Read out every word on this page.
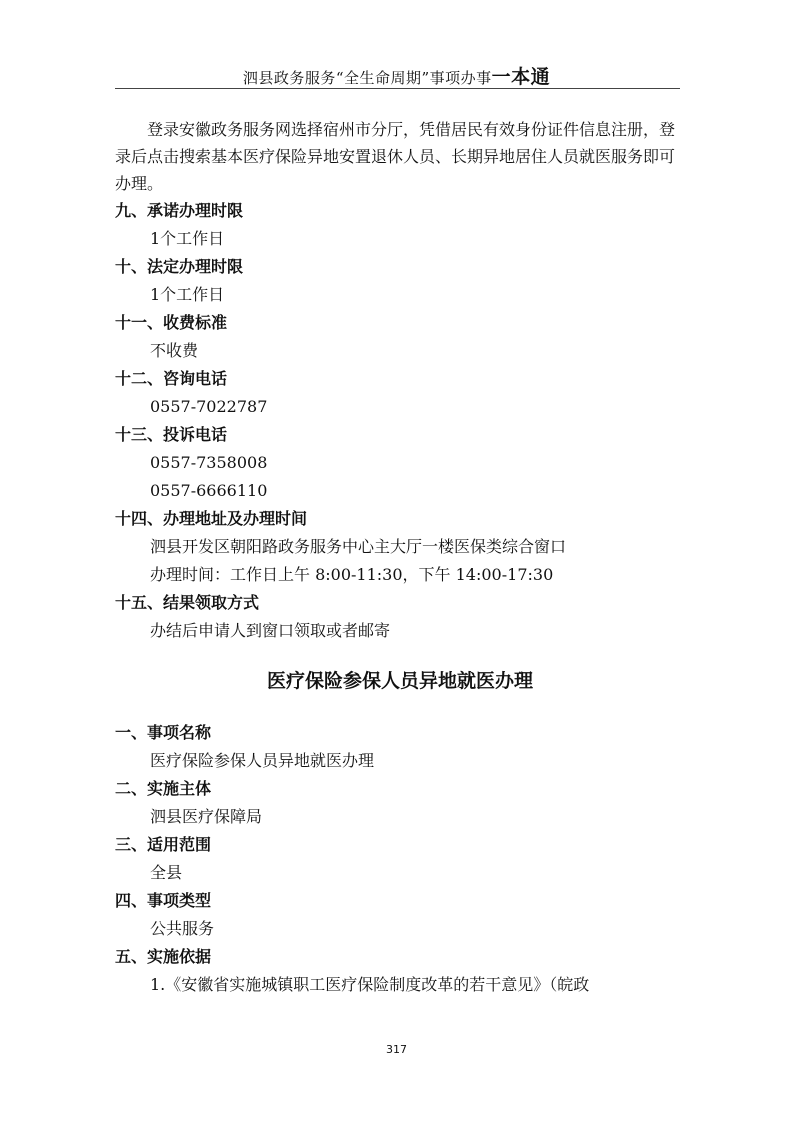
泗县政务服务“全生命周期”事项办事一本通

登录安徽政务服务网选择宿州市分厅，凭借居民有效身份证件信息注册，登录后点击搜索基本医疗保险异地安置退休人员、长期异地居住人员就医服务即可办理。

九、承诺办理时限
1个工作日
十、法定办理时限
1个工作日
十一、收费标准
不收费
十二、咨询电话
0557-7022787
十三、投诉电话
0557-7358008
0557-6666110
十四、办理地址及办理时间
泗县开发区朝阳路政务服务中心主大厅一楼医保类综合窗口
办理时间：工作日上午 8:00-11:30，下午 14:00-17:30
十五、结果领取方式
办结后申请人到窗口领取或者邮寄
医疗保险参保人员异地就医办理
一、事项名称
医疗保险参保人员异地就医办理
二、实施主体
泗县医疗保障局
三、适用范围
全县
四、事项类型
公共服务
五、实施依据
1.《安徽省实施城镇职工医疗保险制度改革的若干意见》（皖政
317
